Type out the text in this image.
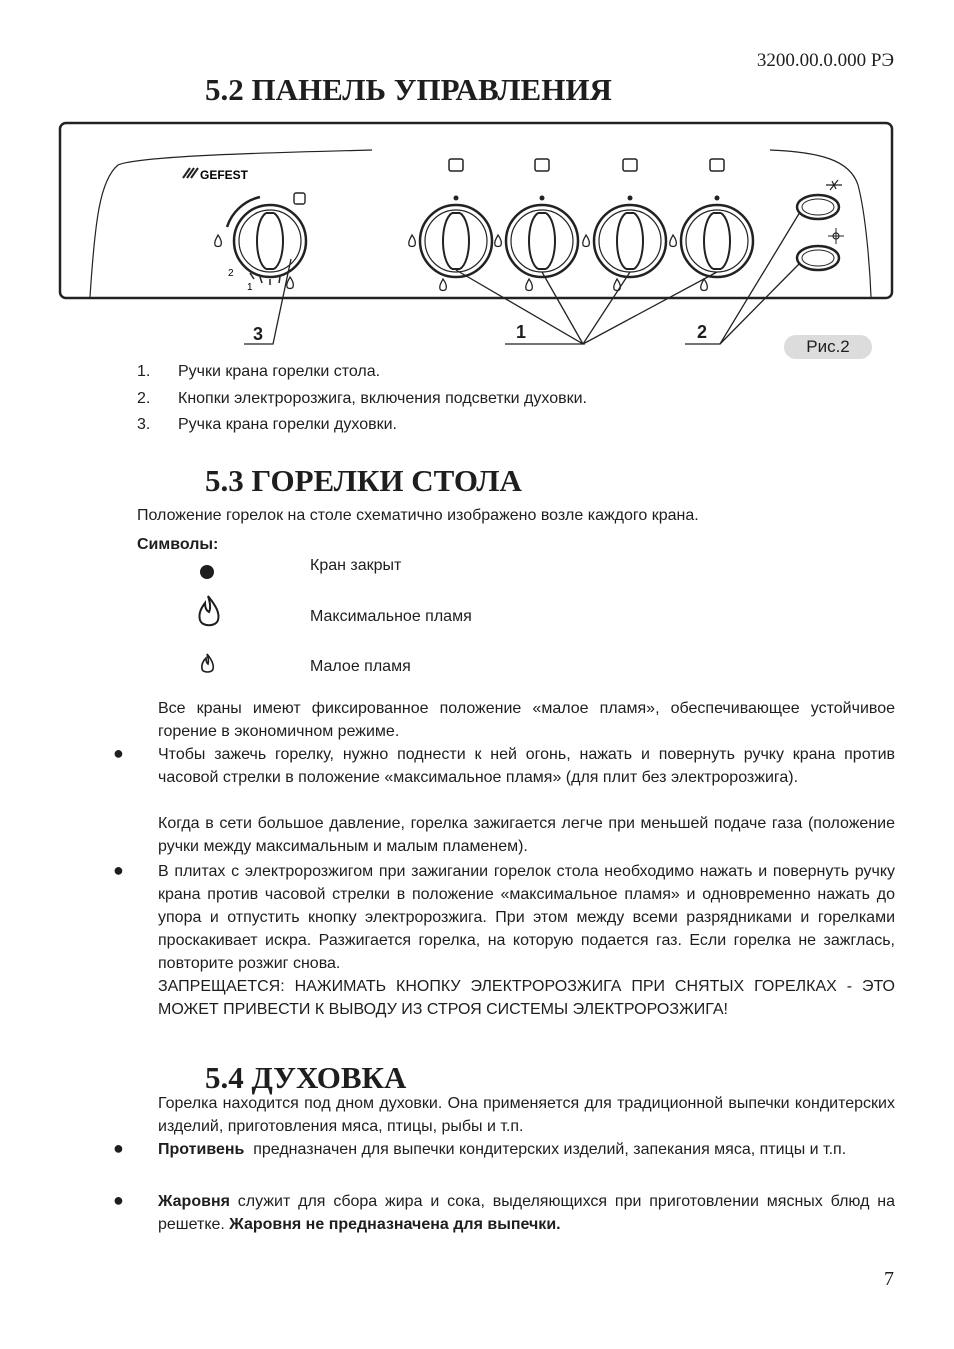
3200.00.0.000 РЭ
5.2 ПАНЕЛЬ УПРАВЛЕНИЯ
GEFEST
2
1
3	1	2
Рис.2
1.	Ручки крана горелки стола.
2.	Кнопки электророзжига, включения подсветки духовки.
3.	Ручка крана горелки духовки.
5.3 ГОРЕЛКИ СТОЛА

Положение горелок на столе схематично изображено возле каждого крана.

Символы:

Кран закрыт
Максимальное пламя
Малое пламя

Все краны имеют фиксированное положение «малое пламя», обеспечивающее устойчивое горение в экономичном режиме.

● Чтобы зажечь горелку, нужно поднести к ней огонь, нажать и повернуть ручку крана против часовой стрелки в положение «максимальное пламя» (для плит без электророзжига).

Когда в сети большое давление, горелка зажигается легче при меньшей подаче газа (положение ручки между максимальным и малым пламенем).

● В плитах с электророзжигом при зажигании горелок стола необходимо нажать и повернуть ручку крана против часовой стрелки в положение «максимальное пламя» и одновременно нажать до упора и отпустить кнопку электророзжига. При этом между всеми разрядниками и горелками проскакивает искра. Разжигается горелка, на которую подается газ. Если горелка не зажглась, повторите розжиг снова.

ЗАПРЕЩАЕТСЯ: НАЖИМАТЬ КНОПКУ ЭЛЕКТРОРОЗЖИГА ПРИ СНЯТЫХ ГОРЕЛКАХ - ЭТО МОЖЕТ ПРИВЕСТИ К ВЫВОДУ ИЗ СТРОЯ СИСТЕМЫ ЭЛЕКТРОРОЗЖИГА!

5.4 ДУХОВКА

Горелка находится под дном духовки. Она применяется для традиционной выпечки кондитерских изделий, приготовления мяса, птицы, рыбы и т.п.

● Противень  предназначен для выпечки кондитерских изделий, запекания мяса, птицы и т.п.

● Жаровня служит для сбора жира и сока, выделяющихся при приготовлении мясных блюд на решетке. Жаровня не предназначена для выпечки.

7
